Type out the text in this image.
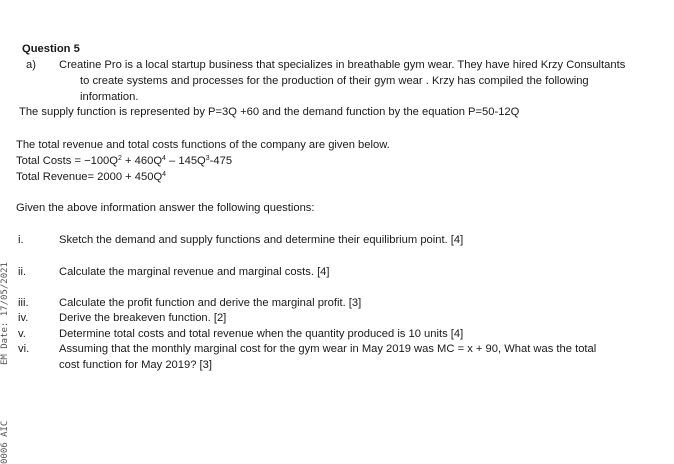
EM Date: 17/05/2021
0006 AIC
Question 5
a) Creatine Pro is a local startup business that specializes in breathable gym wear. They have hired Krzy Consultants
to create systems and processes for the production of their gym wear . Krzy has compiled the following
information.
The supply function is represented by P=3Q +60 and the demand function by the equation P=50-12Q
The total revenue and total costs functions of the company are given below.
Total Costs = $-100Q^2 + 460Q^4 - 145Q^3-475$
Total Revenue= $2000 + 450Q^4$
Given the above information answer the following questions:
i.	Sketch the demand and supply functions and determine their equilibrium point. [4]
ii.	Calculate the marginal revenue and marginal costs. [4]
iii.	Calculate the profit function and derive the marginal profit. [3]
iv.	Derive the breakeven function. [2]
v.	Determine total costs and total revenue when the quantity produced is 10 units [4]
vi.	Assuming that the monthly marginal cost for the gym wear in May 2019 was MC = x + 90, What was the total
cost function for May 2019? [3]
